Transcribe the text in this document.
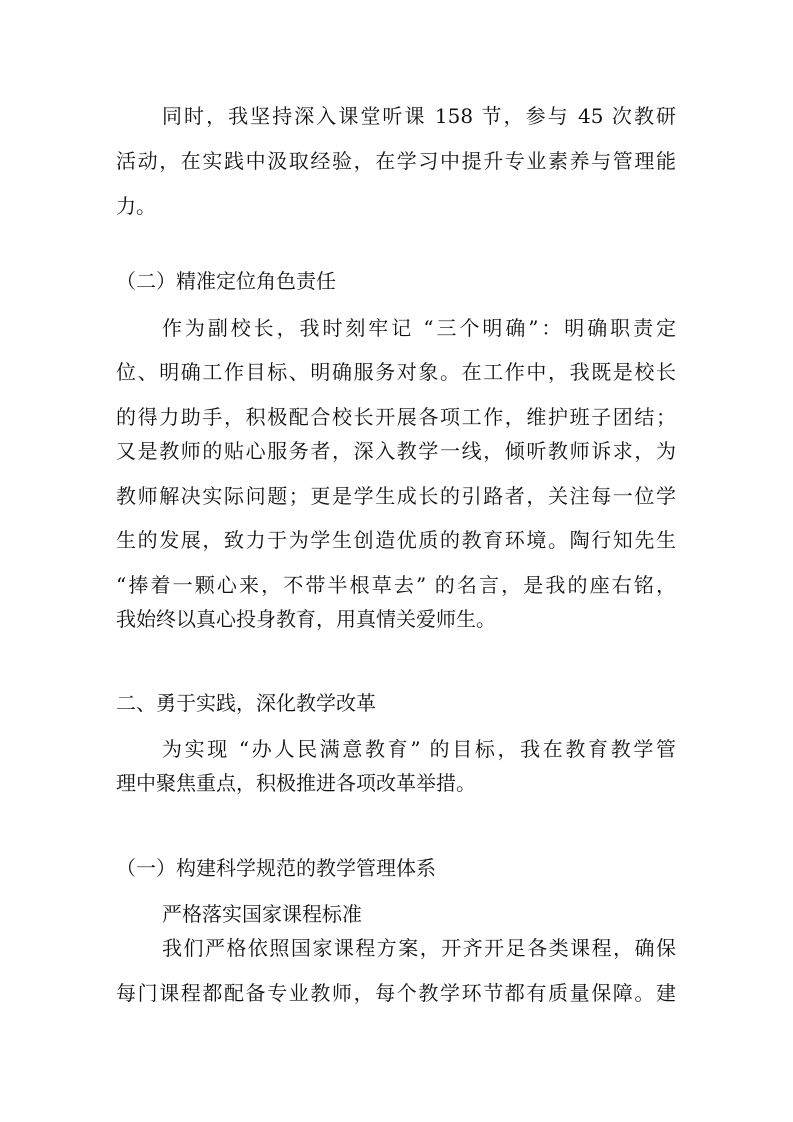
同时，我坚持深入课堂听课 158 节，参与 45 次教研
活动，在实践中汲取经验，在学习中提升专业素养与管理能
力。
（二）精准定位角色责任
作为副校长，我时刻牢记 “三个明确”：明确职责定
位、明确工作目标、明确服务对象。在工作中，我既是校长
的得力助手，积极配合校长开展各项工作，维护班子团结；
又是教师的贴心服务者，深入教学一线，倾听教师诉求，为
教师解决实际问题；更是学生成长的引路者，关注每一位学
生的发展，致力于为学生创造优质的教育环境。陶行知先生
“捧着一颗心来，不带半根草去” 的名言，是我的座右铭，
我始终以真心投身教育，用真情关爱师生。
二、勇于实践，深化教学改革
为实现 “办人民满意教育” 的目标，我在教育教学管
理中聚焦重点，积极推进各项改革举措。
（一）构建科学规范的教学管理体系
严格落实国家课程标准
我们严格依照国家课程方案，开齐开足各类课程，确保
每门课程都配备专业教师，每个教学环节都有质量保障。建
